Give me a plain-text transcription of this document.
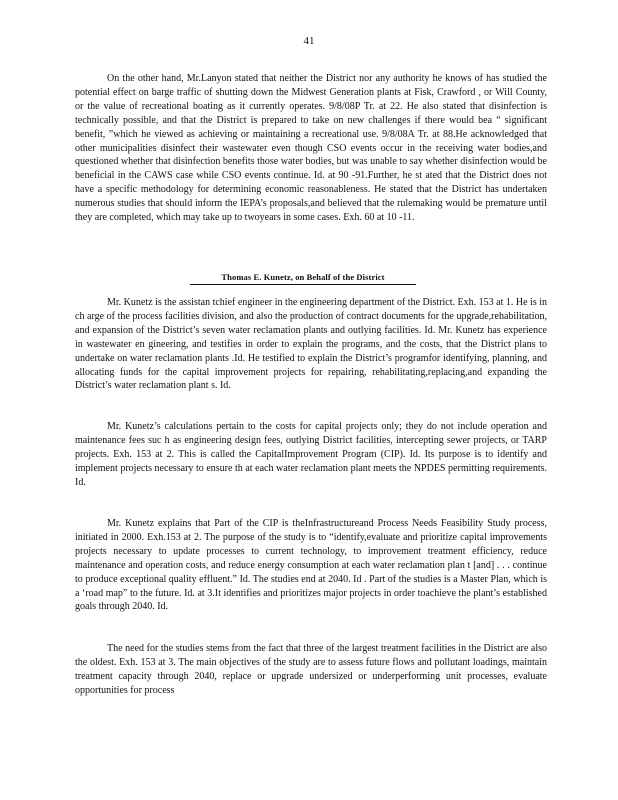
41

On the other hand, Mr.Lanyon stated that neither the District nor any authority he knows of has studied the potential effect on barge traffic of shutting down the Midwest Generation plants at Fisk, Crawford , or Will County, or the value of recreational boating as it currently operates. 9/8/08P Tr. at 22. He also stated that disinfection is technically possible, and that the District is prepared to take on new challenges if there would bea “ significant benefit, ”which he viewed as achieving or maintaining a recreational use. 9/8/08A Tr. at 88.He acknowledged that other municipalities disinfect their wastewater even though CSO events occur in the receiving water bodies,and questioned whether that disinfection benefits those water bodies, but was unable to say whether disinfection would be beneficial in the CAWS case while CSO events continue. Id. at 90 -91.Further, he st ated that the District does not have a specific methodology for determining economic reasonableness. He stated that the District has undertaken numerous studies that should inform the IEPA’s proposals,and believed that the rulemaking would be premature until they are completed, which may take up to twoyears in some cases. Exh. 60 at 10 -11.

Thomas E. Kunetz, on Behalf of the District

Mr. Kunetz is the assistan tchief engineer in the engineering department of the District. Exh. 153 at 1. He is in ch arge of the process facilities division, and also the production of contract documents for the upgrade,rehabilitation, and expansion of the District’s seven water reclamation plants and outlying facilities. Id. Mr. Kunetz has experience in wastewater en gineering, and testifies in order to explain the programs, and the costs, that the District plans to undertake on water reclamation plants .Id. He testified to explain the District’s programfor identifying, planning, and allocating funds for the capital improvement projects for repairing, rehabilitating,replacing,and expanding the District’s water reclamation plant s. Id.

Mr. Kunetz’s calculations pertain to the costs for capital projects only; they do not include operation and maintenance fees suc h as engineering design fees, outlying District facilities, intercepting sewer projects, or TARP projects. Exh. 153 at 2. This is called the CapitalImprovement Program (CIP). Id. Its purpose is to identify and implement projects necessary to ensure th at each water reclamation plant meets the NPDES permitting requirements. Id.

Mr. Kunetz explains that Part of the CIP is theInfrastructureand Process Needs Feasibility Study process, initiated in 2000. Exh.153 at 2. The purpose of the study is to “identify,evaluate and prioritize capital improvements projects necessary to update processes to current technology, to improvement treatment efficiency, reduce maintenance and operation costs, and reduce energy consumption at each water reclamation plan t [and] . . . continue to produce exceptional quality effluent.” Id. The studies end at 2040. Id . Part of the studies is a Master Plan, which is a ‘road map” to the future. Id. at 3.It identifies and prioritizes major projects in order toachieve the plant’s established goals through 2040. Id.

The need for the studies stems from the fact that three of the largest treatment facilities in the District are also the oldest. Exh. 153 at 3. The main objectives of the study are to assess future flows and pollutant loadings, maintain treatment capacity through 2040, replace or upgrade undersized or underperforming unit processes, evaluate opportunities for process
